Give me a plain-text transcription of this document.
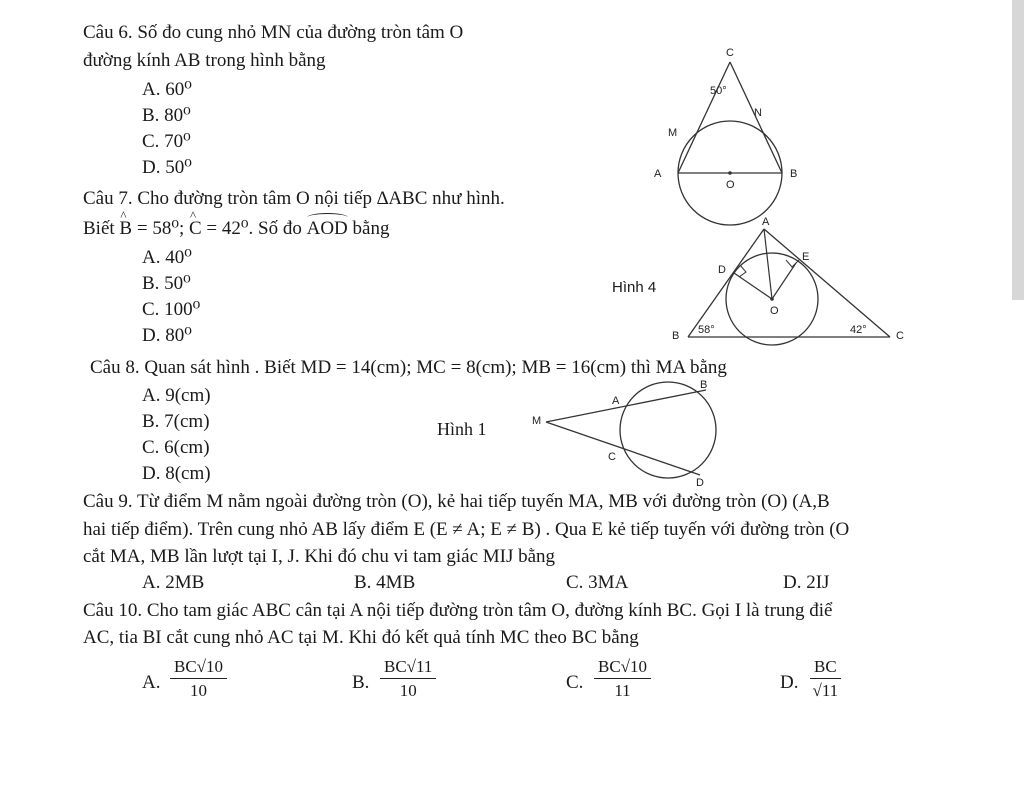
Câu 6. Số đo cung nhỏ MN của đường tròn tâm O
đường kính AB trong hình bằng
A. 60⁰
B. 80⁰
C. 70⁰
D. 50⁰
C
50°
N
M
A
O
B
Câu 7. Cho đường tròn tâm O nội tiếp ∆ABC như hình.
Biết ^ B = 58⁰; ^ C = 42⁰. Số đo AOD bằng
A. 40⁰
B. 50⁰
C. 100⁰
D. 80⁰
Hình 4
A
D
E
O
B 58°	42°	C
Câu 8. Quan sát hình . Biết MD = 14(cm); MC = 8(cm); MB = 16(cm) thì MA bằng
A. 9(cm)
B. 7(cm)
C. 6(cm)
D. 8(cm)
Hình 1	M
A
B
C
D
Câu 9. Từ điểm M nằm ngoài đường tròn (O), kẻ hai tiếp tuyến MA, MB với đường tròn (O) (A,B
hai tiếp điểm). Trên cung nhỏ AB lấy điểm E (E ≠ A; E ≠ B) . Qua E kẻ tiếp tuyến với đường tròn (O
cắt MA, MB lần lượt tại I, J. Khi đó chu vi tam giác MIJ bằng
A. 2MB	B. 4MB	C. 3MA	D. 2IJ
Câu 10. Cho tam giác ABC cân tại A nội tiếp đường tròn tâm O, đường kính BC. Gọi I là trung điể
AC, tia BI cắt cung nhỏ AC tại M. Khi đó kết quả tính MC theo BC bằng
A. $\frac{BC√10}{10}$	B. $\frac{BC√11}{10}$	C. $\frac{BC√10}{11}$	D. $\frac{BC}{√11}$
